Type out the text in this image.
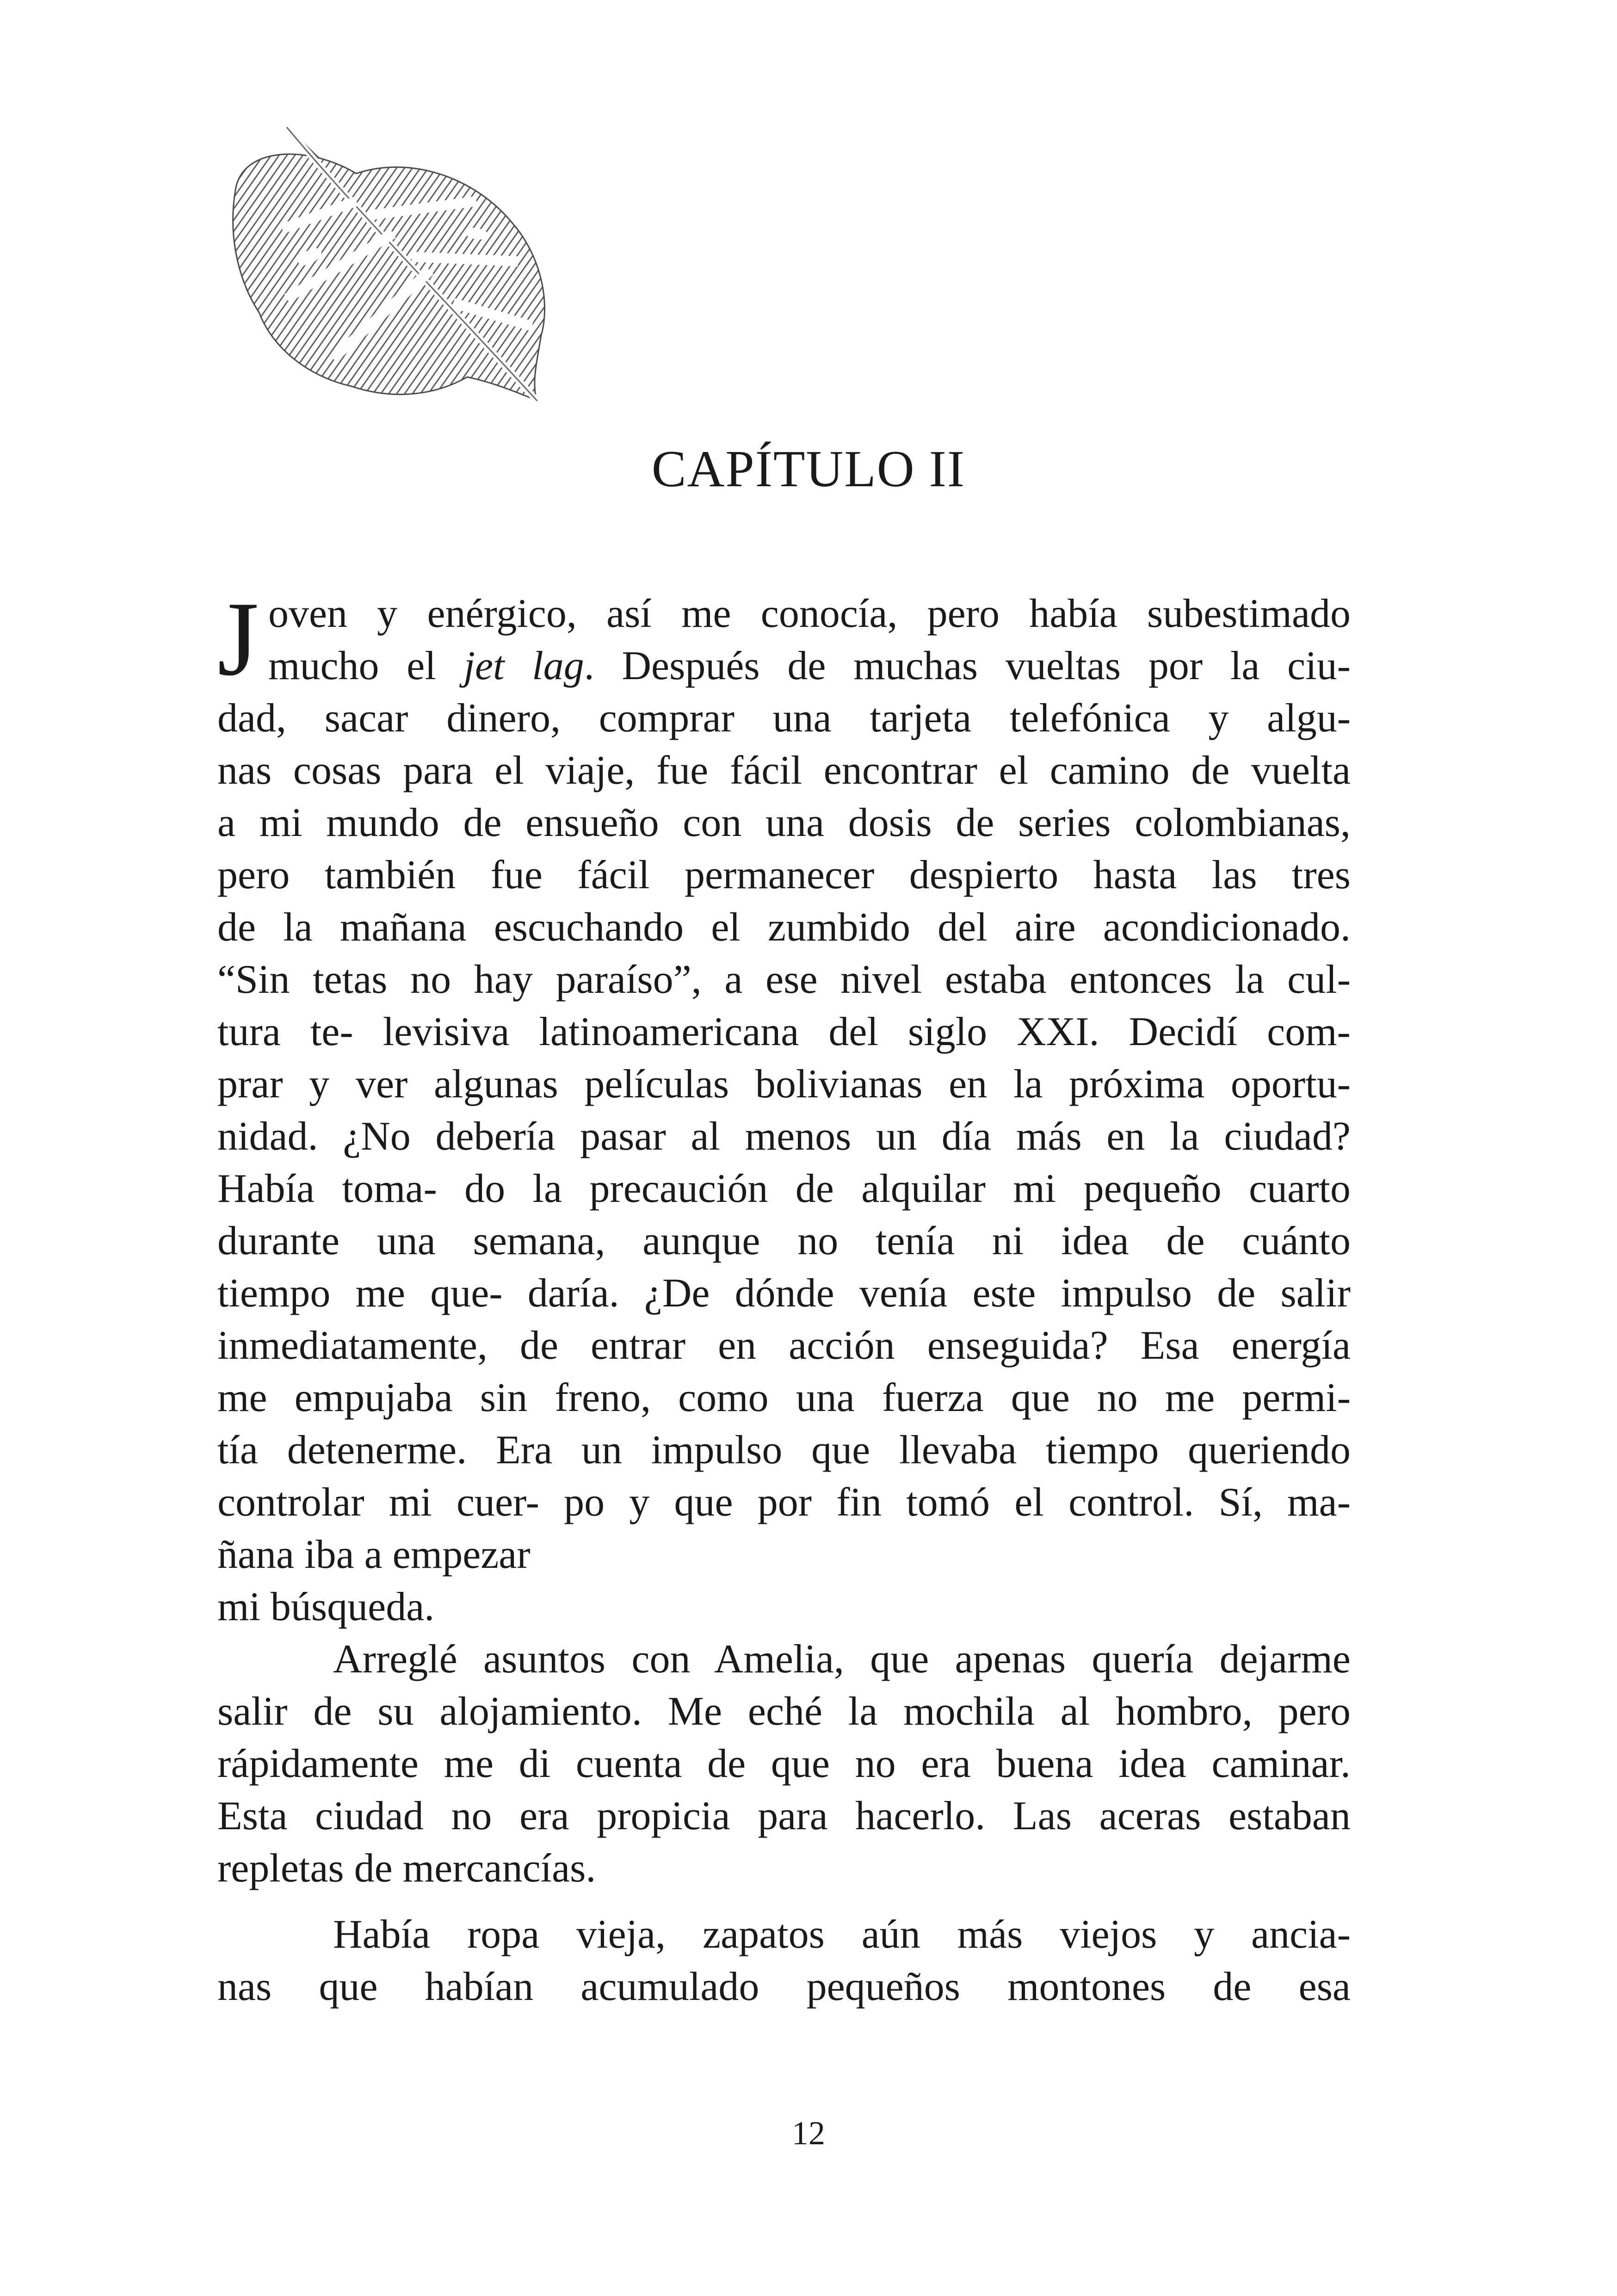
CAPÍTULO II
J oven y enérgico, así me conocía, pero había subestimado
mucho el jet lag. Después de muchas vueltas por la ciu-
dad, sacar dinero, comprar una tarjeta telefónica y algu-
nas cosas para el viaje, fue fácil encontrar el camino de vuelta
a mi mundo de ensueño con una dosis de series colombianas,
pero también fue fácil permanecer despierto hasta las tres
de la mañana escuchando el zumbido del aire acondicionado.
“Sin tetas no hay paraíso”, a ese nivel estaba entonces la cul-
tura te- levisiva latinoamericana del siglo XXI. Decidí com-
prar y ver algunas películas bolivianas en la próxima oportu-
nidad. ¿No debería pasar al menos un día más en la ciudad?
Había toma- do la precaución de alquilar mi pequeño cuarto
durante una semana, aunque no tenía ni idea de cuánto
tiempo me que- daría. ¿De dónde venía este impulso de salir
inmediatamente, de entrar en acción enseguida? Esa energía
me empujaba sin freno, como una fuerza que no me permi-
tía detenerme. Era un impulso que llevaba tiempo queriendo
controlar mi cuer- po y que por fin tomó el control. Sí, ma-
ñana iba a empezar
mi búsqueda.
Arreglé asuntos con Amelia, que apenas quería dejarme
salir de su alojamiento. Me eché la mochila al hombro, pero
rápidamente me di cuenta de que no era buena idea caminar.
Esta ciudad no era propicia para hacerlo. Las aceras estaban
repletas de mercancías.
Había ropa vieja, zapatos aún más viejos y ancia-
nas que habían acumulado pequeños montones de esa

12
